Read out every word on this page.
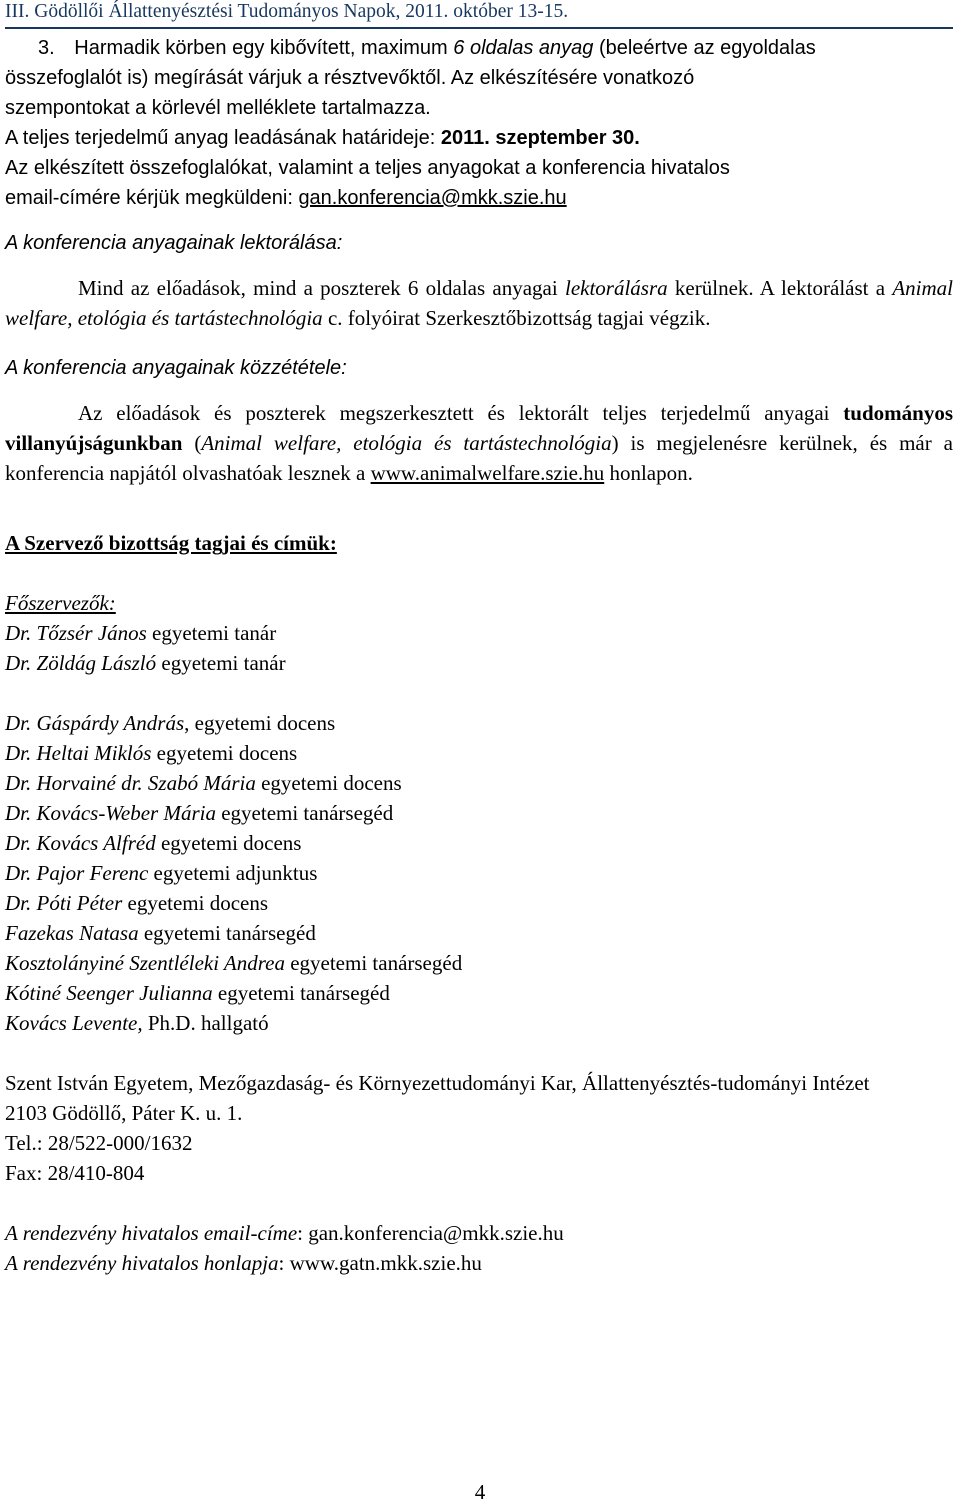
III. Gödöllői Állattenyésztési Tudományos Napok, 2011. október 13-15.
3. Harmadik körben egy kibővített, maximum 6 oldalas anyag (beleértve az egyoldalas
összefoglalót is) megírását várjuk a résztvevőktől. Az elkészítésére vonatkozó
szempontokat a körlevél melléklete tartalmazza.
A teljes terjedelmű anyag leadásának határideje: 2011. szeptember 30.
Az elkészített összefoglalókat, valamint a teljes anyagokat a konferencia hivatalos
email-címére kérjük megküldeni: gan.konferencia@mkk.szie.hu
A konferencia anyagainak lektorálása:
Mind az előadások, mind a poszterek 6 oldalas anyagai lektorálásra kerülnek. A lektorálást a Animal welfare, etológia és tartástechnológia c. folyóirat Szerkesztőbizottság tagjai végzik.
A konferencia anyagainak közzététele:
Az előadások és poszterek megszerkesztett és lektorált teljes terjedelmű anyagai tudományos villanyújságunkban (Animal welfare, etológia és tartástechnológia) is megjelenésre kerülnek, és már a konferencia napjától olvashatóak lesznek a www.animalwelfare.szie.hu honlapon.
A Szervező bizottság tagjai és címük:
Főszervezők:
Dr. Tőzsér János egyetemi tanár
Dr. Zöldág László egyetemi tanár
Dr. Gáspárdy András, egyetemi docens
Dr. Heltai Miklós egyetemi docens
Dr. Horvainé dr. Szabó Mária egyetemi docens
Dr. Kovács-Weber Mária egyetemi tanársegéd
Dr. Kovács Alfréd egyetemi docens
Dr. Pajor Ferenc egyetemi adjunktus
Dr. Póti Péter egyetemi docens
Fazekas Natasa egyetemi tanársegéd
Kosztolányiné Szentléleki Andrea egyetemi tanársegéd
Kótiné Seenger Julianna egyetemi tanársegéd
Kovács Levente, Ph.D. hallgató
Szent István Egyetem, Mezőgazdaság- és Környezettudományi Kar, Állattenyésztés-tudományi Intézet
2103 Gödöllő, Páter K. u. 1.
Tel.: 28/522-000/1632
Fax: 28/410-804
A rendezvény hivatalos email-címe: gan.konferencia@mkk.szie.hu
A rendezvény hivatalos honlapja: www.gatn.mkk.szie.hu
4
